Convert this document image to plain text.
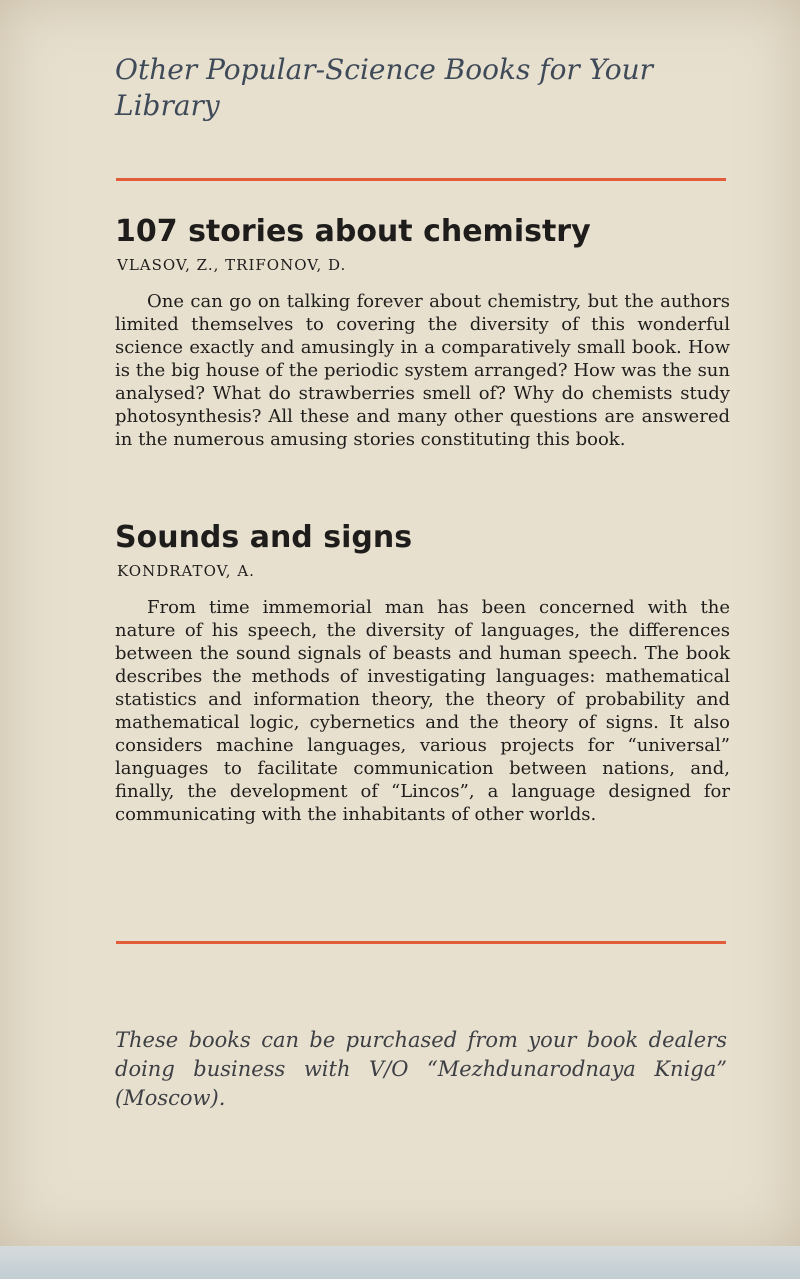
Other Popular-Science Books for Your Library
107 stories about chemistry
VLASOV, Z., TRIFONOV, D.

One can go on talking forever about chemistry, but the authors limited themselves to covering the diversity of this wonderful science exactly and amusingly in a comparatively small book. How is the big house of the periodic system arranged? How was the sun analysed? What do strawberries smell of? Why do chemists study photosynthesis? All these and many other questions are answered in the numerous amusing stories constituting this book.

Sounds and signs
KONDRATOV, A.

From time immemorial man has been concerned with the nature of his speech, the diversity of languages, the differences between the sound signals of beasts and human speech. The book describes the methods of investigating languages: mathematical statistics and information theory, the theory of probability and mathematical logic, cybernetics and the theory of signs. It also considers machine languages, various projects for “universal” languages to facilitate communication between nations, and, finally, the development of “Lincos”, a language designed for communicating with the inhabitants of other worlds.

These books can be purchased from your book dealers doing business with V/O “Mezhdunarodnaya Kniga” (Moscow).
